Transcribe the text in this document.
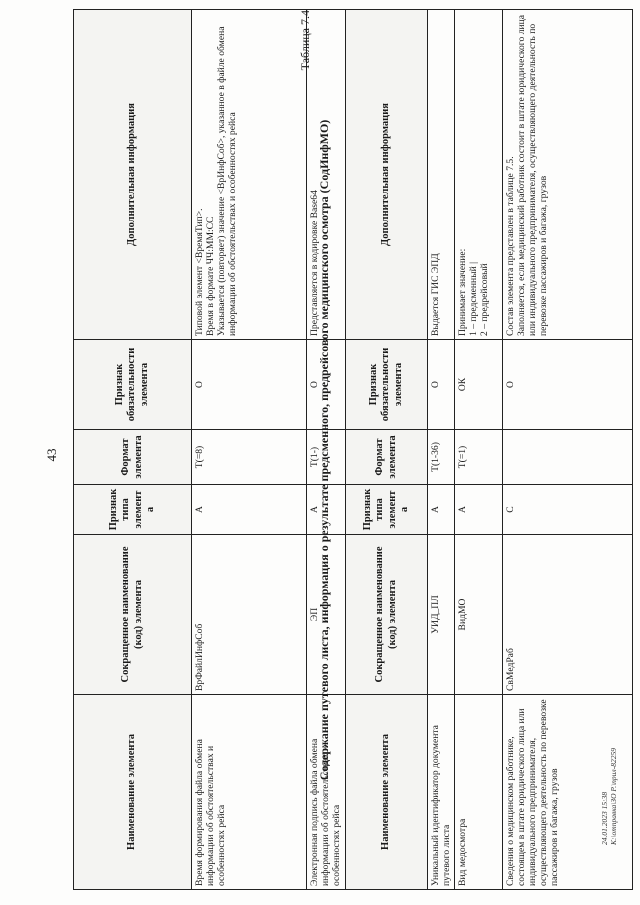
43
Наименование элемента	Сокращенное наименование (код) элемента	Признак типа элемента	Формат элемента	Признак обязательности элемента	Дополнительная информация
Время формирования файла обмена информации об обстоятельствах и особенностях рейса	ВрФайлИнфСоб	А	T(=8)	О	Типовой элемент <ВремяТип>.
Время в формате ЧЧ:ММ:СС
Указывается (повторяет) значение <ВрИнфСоб>, указанное в файле обмена информации об обстоятельствах и особенностях рейса
Электронная подпись файла обмена информации об обстоятельствах и особенностях рейса	ЭП	А	T(1-)	О	Представляется в кодировке Base64
Таблица 7.4
Содержание путевого листа, информация о результате предсменного, предрейсового медицинского осмотра (СодИнфМО)
Наименование элемента	Сокращенное наименование (код) элемента	Признак типа элемента	Формат элемента	Признак обязательности элемента	Дополнительная информация
Уникальный идентификатор документа путевого листа	УИД_ПЛ	А	T(1-36)	О	Выдается ГИС ЭПД
Вид медосмотра	ВидМО	А	T(=1)	ОК	Принимает значение:
1 – предсменный |
2 – предрейсовый
Сведения о медицинском работнике, состоящем в штате юридического лица или индивидуального предпринимателя, осуществляющего деятельность по перевозке пассажиров и багажа, грузов	СвМедРаб	С		О	Состав элемента представлен в таблице 7.5.
Заполняется, если медицинский работник состоит в штате юридического лица или индивидуального предпринимателя, осуществляющего деятельность по перевозке пассажиров и багажа, грузов
24.01.2023 15:38 К:\отправка\ЗО Р.\прил-82259
